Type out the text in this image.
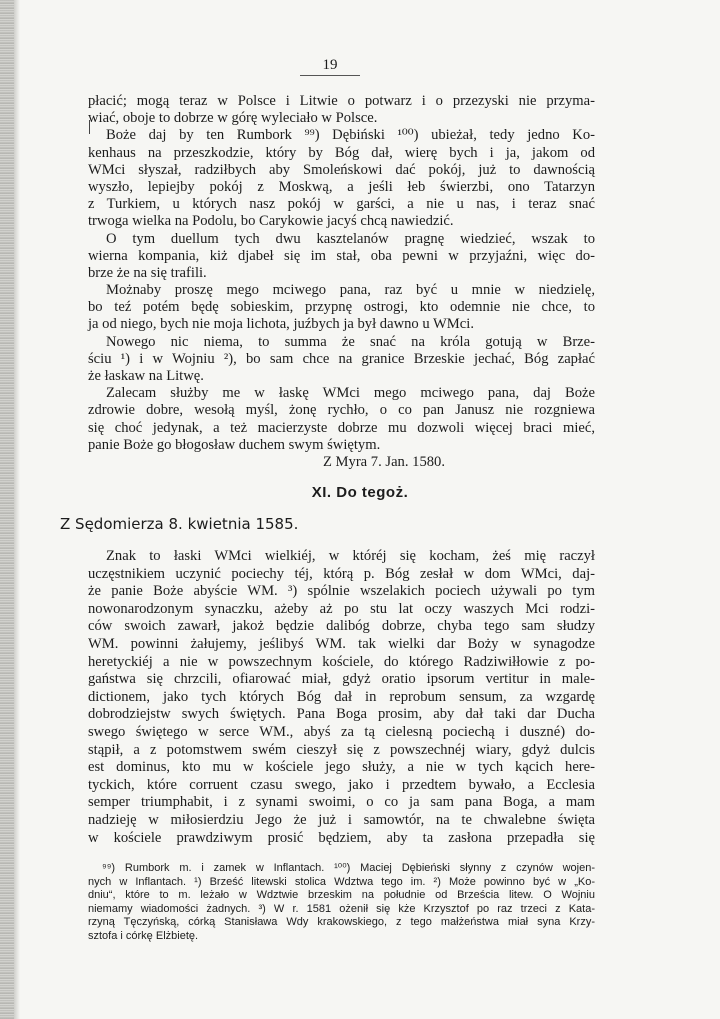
19
płacić; mogą teraz w Polsce i Litwie o potwarz i o przezyski nie przyma-
wiać, oboje to dobrze w górę wyleciało w Polsce.
Boże daj by ten Rumbork ⁹⁹) Dębiński ¹⁰⁰) ubieżał, tedy jedno Ko-
kenhaus na przeszkodzie, który by Bóg dał, wierę bych i ja, jakom od
WMci słyszał, radziłbych aby Smoleńskowi dać pokój, już to dawnością
wyszło, lepiejby pokój z Moskwą, a jeśli łeb świerzbi, ono Tatarzyn
z Turkiem, u których nasz pokój w garści, a nie u nas, i teraz snać
trwoga wielka na Podolu, bo Carykowie jacyś chcą nawiedzić.
O tym duellum tych dwu kasztelanów pragnę wiedzieć, wszak to
wierna kompania, kiż djabeł się im stał, oba pewni w przyjaźni, więc do-
brze że na się trafili.
Możnaby proszę mego mciwego pana, raz być u mnie w niedzielę,
bo teź potém będę sobieskim, przypnę ostrogi, kto odemnie nie chce, to
ja od niego, bych nie moja lichota, juźbych ja był dawno u WMci.
Nowego nic niema, to summa że snać na króla gotują w Brze-
ściu ¹) i w Wojniu ²), bo sam chce na granice Brzeskie jechać, Bóg zapłać
że łaskaw na Litwę.
Zalecam służby me w łaskę WMci mego mciwego pana, daj Boże
zdrowie dobre, wesołą myśl, żonę rychło, o co pan Janusz nie rozgniewa
się choć jedynak, a też macierzyste dobrze mu dozwoli więcej braci mieć,
panie Boże go błogosław duchem swym świętym.
Z Myra 7. Jan. 1580.
XI. Do tegoż.
Z Sędomierza 8. kwietnia 1585.
Znak to łaski WMci wielkiéj, w któréj się kocham, żeś mię raczył
uczęstnikiem uczynić pociechy téj, którą p. Bóg zesłał w dom WMci, daj-
że panie Boże abyście WM. ³) spólnie wszelakich pociech używali po tym
nowonarodzonym synaczku, ażeby aż po stu lat oczy waszych Mci rodzi-
ców swoich zawarł, jakoż będzie dalibóg dobrze, chyba tego sam słudzy
WM. powinni żałujemy, jeślibyś WM. tak wielki dar Boży w synagodze
heretyckiéj a nie w powszechnym kościele, do którego Radziwiłłowie z po-
gaństwa się chrzcili, ofiarować miał, gdyż oratio ipsorum vertitur in male-
dictionem, jako tych których Bóg dał in reprobum sensum, za wzgardę
dobrodziejstw swych świętych. Pana Boga prosim, aby dał taki dar Ducha
swego świętego w serce WM., abyś za tą cielesną pociechą i duszné) do-
stąpił, a z potomstwem swém cieszył się z powszechnéj wiary, gdyż dulcis
est dominus, kto mu w kościele jego służy, a nie w tych kącich here-
tyckich, które corruent czasu swego, jako i przedtem bywało, a Ecclesia
semper triumphabit, i z synami swoimi, o co ja sam pana Boga, a mam
nadzieję w miłosierdziu Jego że już i samowtór, na te chwalebne święta
w kościele prawdziwym prosić będziem, aby ta zasłona przepadła się
⁹⁹) Rumbork m. i zamek w Inflantach. ¹⁰⁰) Maciej Dębieński słynny z czynów wojen-
nych w Inflantach. ¹) Brześć litewski stolica Wdztwa tego im. ²) Może powinno być w „Ko-
dniu“, które to m. leżało w Wdztwie brzeskim na południe od Brześcia litew. O Wojniu
niemamy wiadomości żadnych. ³) W r. 1581 ożenił się kże Krzysztof po raz trzeci z Kata-
rzyną Tęczyńską, córką Stanisława Wdy krakowskiego, z tego małżeństwa miał syna Krzy-
sztofa i córkę Elżbietę.
